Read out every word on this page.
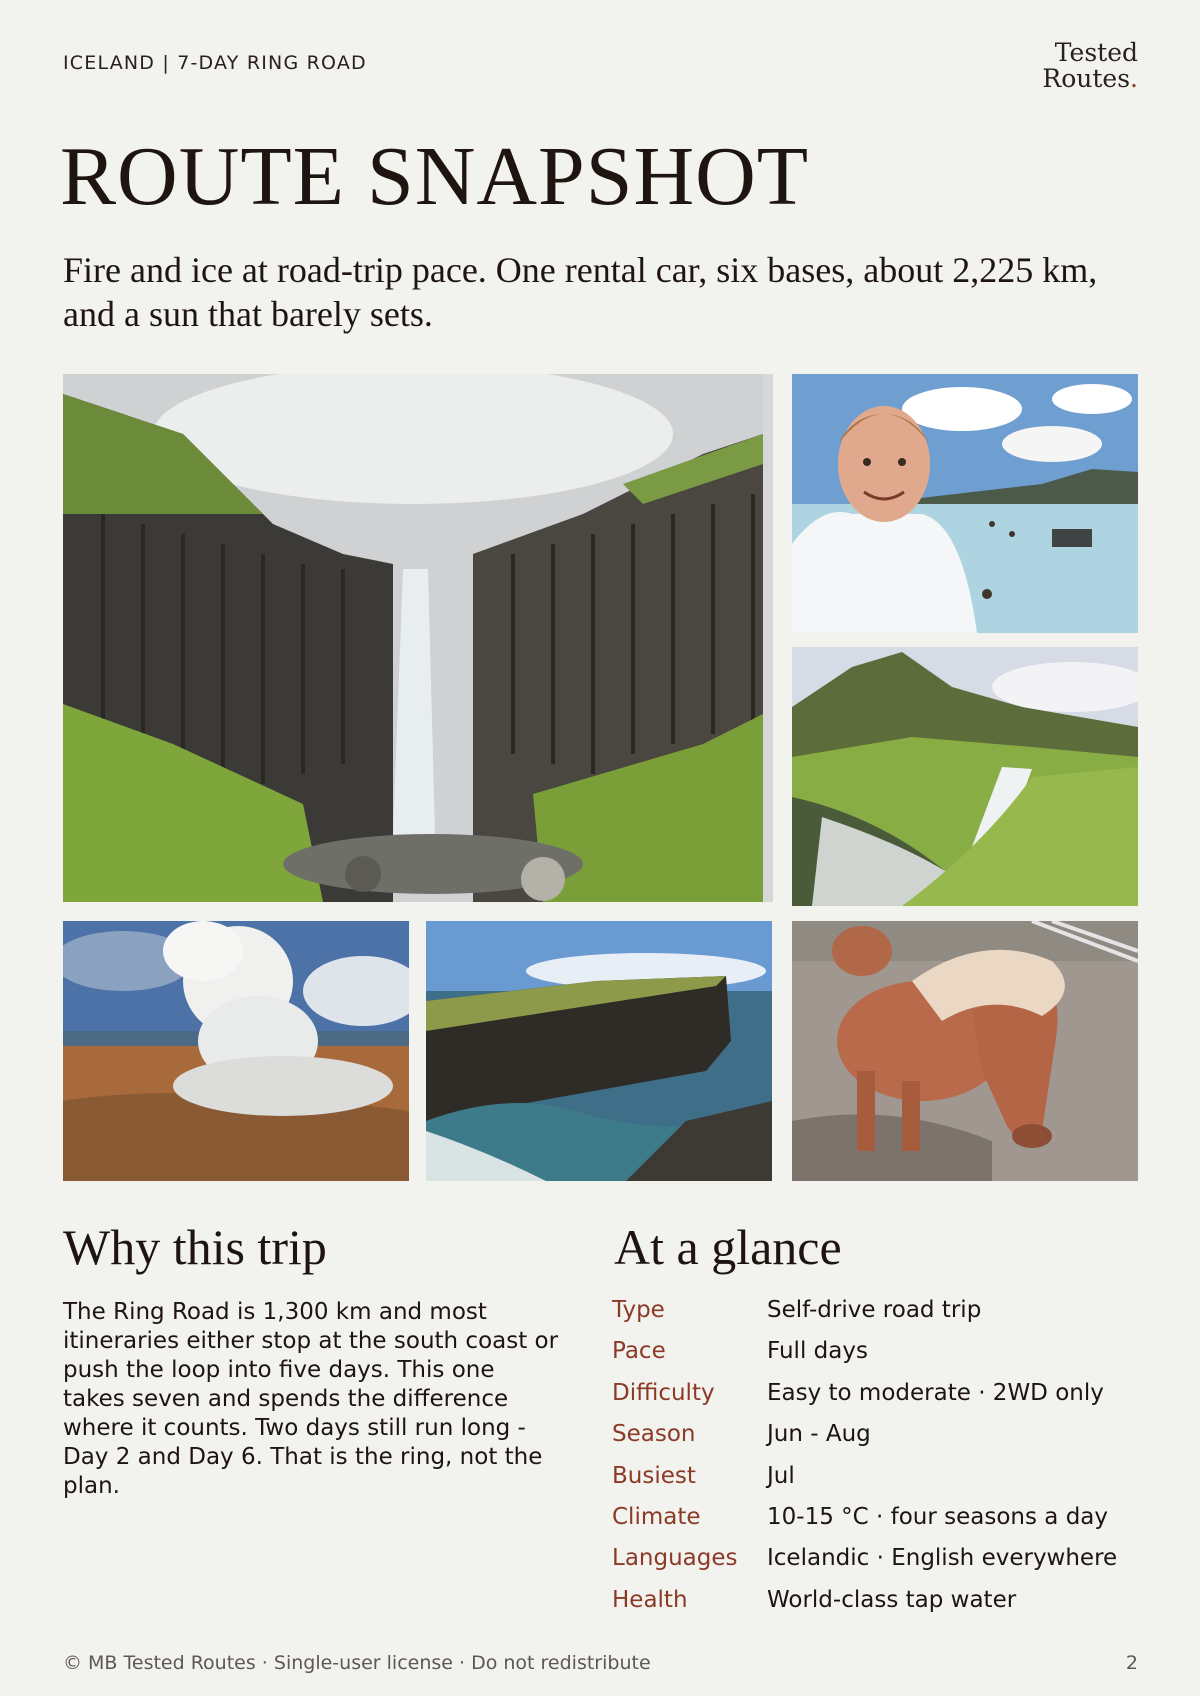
ICELAND | 7-DAY RING ROAD	Tested
Routes.
ROUTE SNAPSHOT

Fire and ice at road-trip pace. One rental car, six bases, about 2,225 km, and a sun that barely sets.

Why this trip

The Ring Road is 1,300 km and most itineraries either stop at the south coast or push the loop into five days. This one takes seven and spends the difference where it counts. Two days still run long - Day 2 and Day 6. That is the ring, not the plan.

At a glance
Type	Self-drive road trip
Pace	Full days
Difficulty	Easy to moderate · 2WD only
Season	Jun - Aug
Busiest	Jul
Climate	10-15 °C · four seasons a day
Languages	Icelandic · English everywhere
Health	World-class tap water
© MB Tested Routes · Single-user license · Do not redistribute	2
